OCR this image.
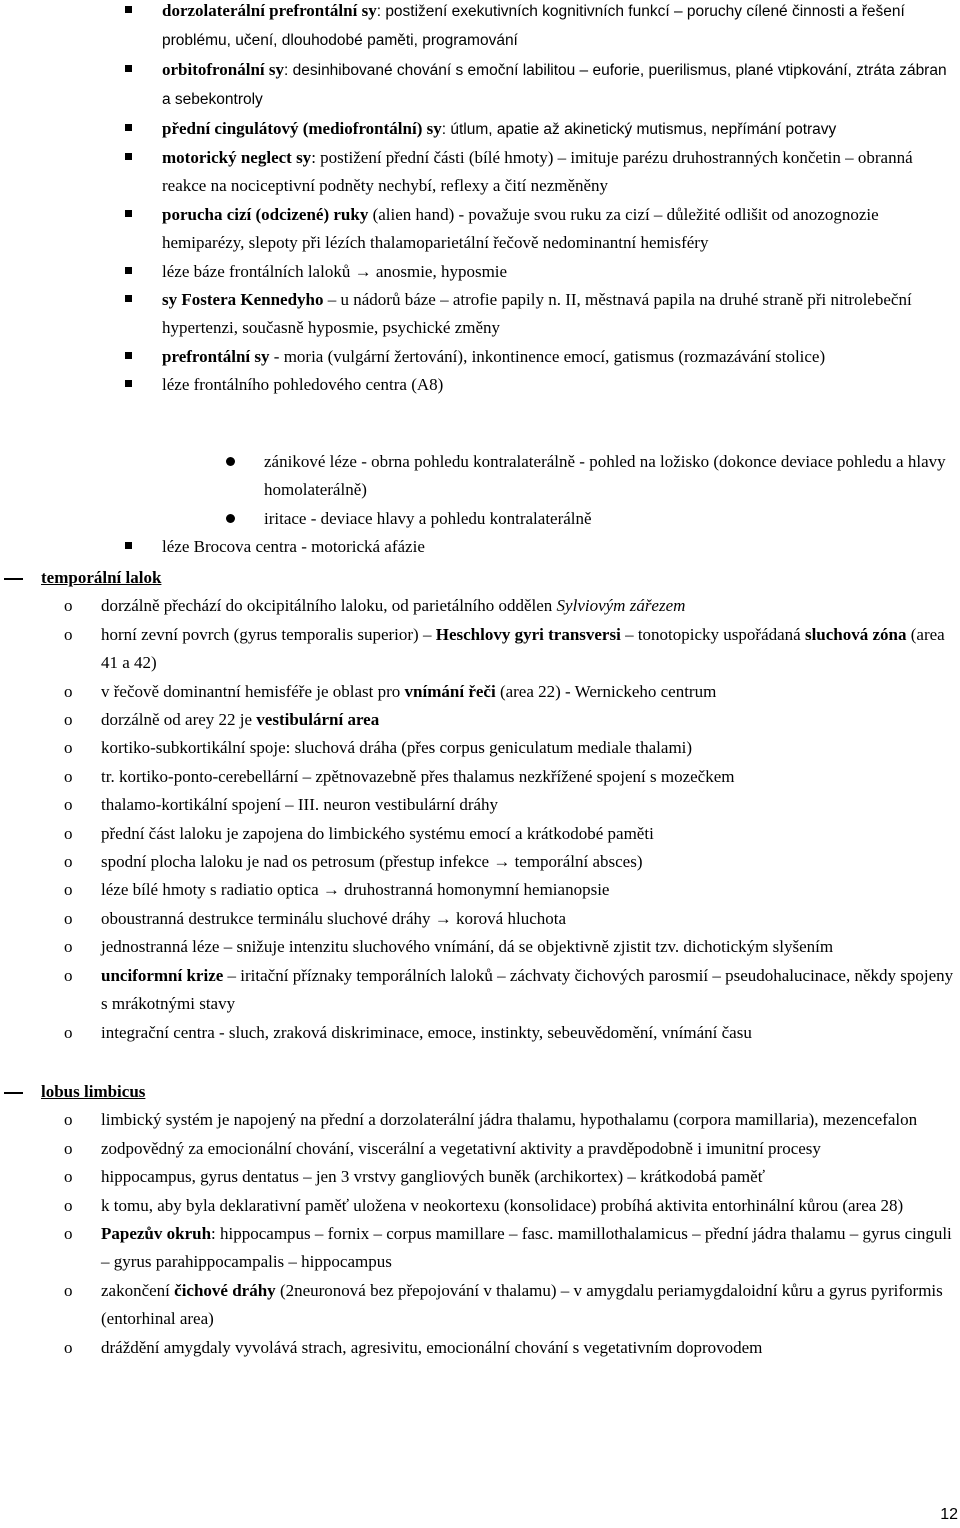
dorzolaterální prefrontální sy: postižení exekutivních kognitivních funkcí – poruchy cílené činnosti a řešení problému, učení, dlouhodobé paměti, programování
orbitofronální sy: desinhibované chování s emoční labilitou – euforie, puerilismus, plané vtipkování, ztráta zábran a sebekontroly
přední cingulátový (mediofrontální) sy: útlum, apatie až akinetický mutismus, nepřímání potravy
motorický neglect sy: postižení přední části (bílé hmoty) – imituje parézu druhostranných končetin – obranná reakce na nociceptivní podněty nechybí, reflexy a čití nezměněny
porucha cizí (odcizené) ruky (alien hand) - považuje svou ruku za cizí – důležité odlišit od anozognozie hemiparézy, slepoty při lézích thalamoparietální řečově nedominantní hemisféry
léze báze frontálních laloků → anosmie, hyposmie
sy Fostera Kennedyho – u nádorů báze – atrofie papily n. II, městnavá papila na druhé straně při nitrolebeční hypertenzi, současně hyposmie, psychické změny
prefrontální sy - moria (vulgární žertování), inkontinence emocí, gatismus (rozmazávání stolice)
léze frontálního pohledového centra (A8)
zánikové léze - obrna pohledu kontralaterálně - pohled na ložisko (dokonce deviace pohledu a hlavy homolaterálně)
iritace - deviace hlavy a pohledu kontralaterálně
léze Brocova centra - motorická afázie
temporální lalok
o dorzálně přechází do okcipitálního laloku, od parietálního oddělen Sylviovým zářezem
o horní zevní povrch (gyrus temporalis superior) – Heschlovy gyri transversi – tonotopicky uspořádaná sluchová zóna (area 41 a 42)
o v řečově dominantní hemisféře je oblast pro vnímání řeči (area 22) - Wernickeho centrum
o dorzálně od arey 22 je vestibulární area
o kortiko-subkortikální spoje: sluchová dráha (přes corpus geniculatum mediale thalami)
o tr. kortiko-ponto-cerebellární – zpětnovazebně přes thalamus nezkřížené spojení s mozečkem
o thalamo-kortikální spojení – III. neuron vestibulární dráhy
o přední část laloku je zapojena do limbického systému emocí a krátkodobé paměti
o spodní plocha laloku je nad os petrosum (přestup infekce → temporální absces)
o léze bílé hmoty s radiatio optica → druhostranná homonymní hemianopsie
o oboustranná destrukce terminálu sluchové dráhy → korová hluchota
o jednostranná léze – snižuje intenzitu sluchového vnímání, dá se objektivně zjistit tzv. dichotickým slyšením
o unciformní krize – iritační příznaky temporálních laloků – záchvaty čichových parosmií – pseudohalucinace, někdy spojeny s mrákotnými stavy
o integrační centra - sluch, zraková diskriminace, emoce, instinkty, sebeuvědomění, vnímání času
lobus limbicus
o limbický systém je napojený na přední a dorzolaterální jádra thalamu, hypothalamu (corpora mamillaria), mezencefalon
o zodpovědný za emocionální chování, viscerální a vegetativní aktivity a pravděpodobně i imunitní procesy
o hippocampus, gyrus dentatus – jen 3 vrstvy gangliových buněk (archikortex) – krátkodobá paměť
o k tomu, aby byla deklarativní paměť uložena v neokortexu (konsolidace) probíhá aktivita entorhinální kůrou (area 28)
o Papezův okruh: hippocampus – fornix – corpus mamillare – fasc. mamillothalamicus – přední jádra thalamu – gyrus cinguli – gyrus parahippocampalis – hippocampus
o zakončení čichové dráhy (2neuronová bez přepojování v thalamu) – v amygdalu periamygdaloidní kůru a gyrus pyriformis (entorhinal area)
o dráždění amygdaly vyvolává strach, agresivitu, emocionální chování s vegetativním doprovodem
12
